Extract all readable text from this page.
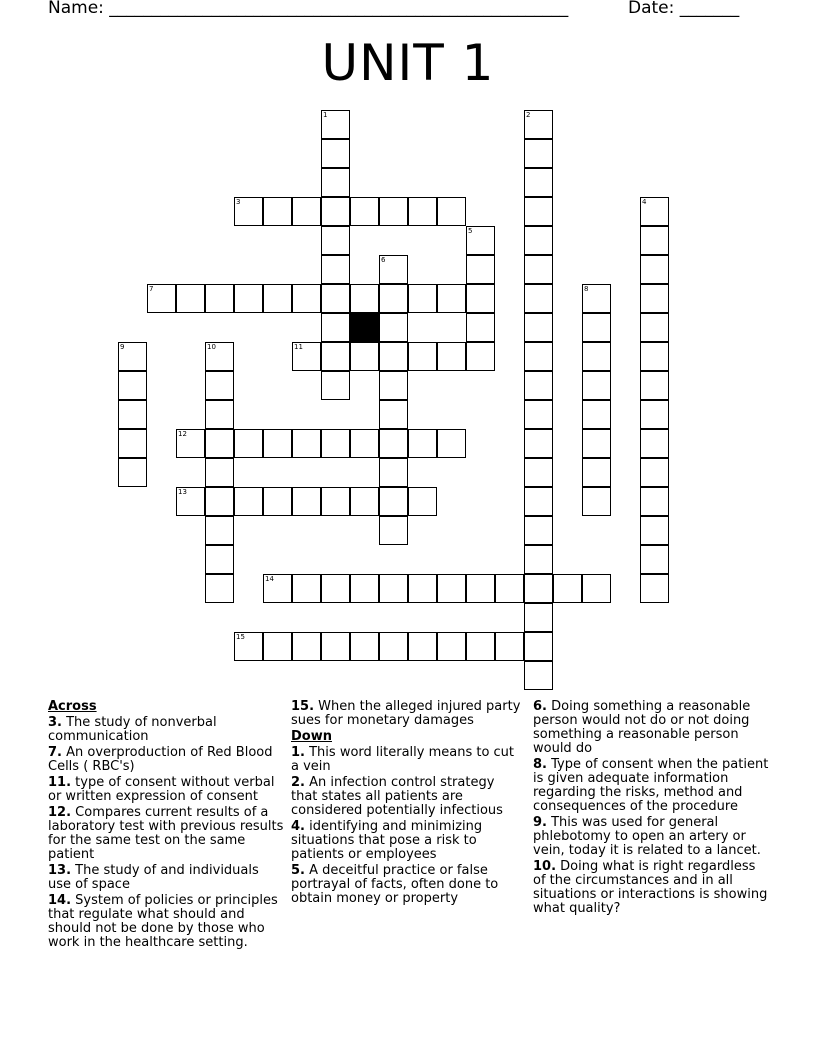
Name: ______________________________________________________	Date: _______
UNIT 1
1	2
3	4
5
6
7	8
9	10	11
12
13
14
15
Across
3. The study of nonverbal communication
7. An overproduction of Red Blood Cells ( RBC's)
11. type of consent without verbal or written expression of consent
12. Compares current results of a laboratory test with previous results for the same test on the same patient
13. The study of and individuals use of space
14. System of policies or principles that regulate what should and should not be done by those who work in the healthcare setting.
15. When the alleged injured party sues for monetary damages
Down
1. This word literally means to cut a vein
2. An infection control strategy that states all patients are considered potentially infectious
4. identifying and minimizing situations that pose a risk to patients or employees
5. A deceitful practice or false portrayal of facts, often done to obtain money or property
6. Doing something a reasonable person would not do or not doing something a reasonable person would do
8. Type of consent when the patient is given adequate information regarding the risks, method and consequences of the procedure
9. This was used for general phlebotomy to open an artery or vein, today it is related to a lancet.
10. Doing what is right regardless of the circumstances and in all situations or interactions is showing what quality?
